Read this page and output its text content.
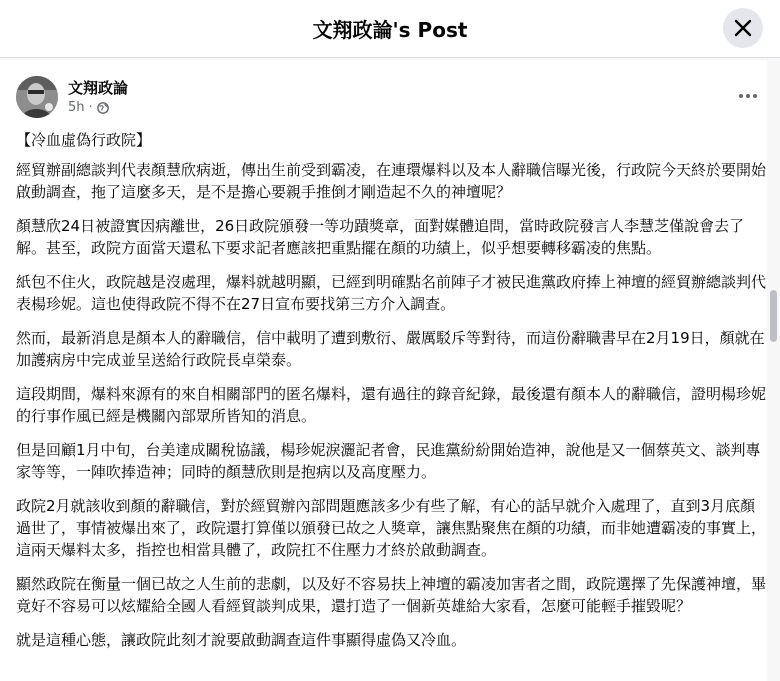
文翔政論's Post
文翔政論
5h ·

【冷血虛偽行政院】

經貿辦副總談判代表顏慧欣病逝，傳出生前受到霸凌，在連環爆料以及本人辭職信曝光後，行政院今天終於要開始啟動調查，拖了這麼多天，是不是擔心要親手推倒才剛造起不久的神壇呢？

顏慧欣24日被證實因病離世，26日政院頒發一等功蹟獎章，面對媒體追問，當時政院發言人李慧芝僅說會去了解。甚至，政院方面當天還私下要求記者應該把重點擺在顏的功績上，似乎想要轉移霸凌的焦點。

紙包不住火，政院越是沒處理，爆料就越明顯，已經到明確點名前陣子才被民進黨政府捧上神壇的經貿辦總談判代表楊珍妮。這也使得政院不得不在27日宣布要找第三方介入調查。

然而，最新消息是顏本人的辭職信，信中載明了遭到敷衍、嚴厲駁斥等對待，而這份辭職書早在2月19日，顏就在加護病房中完成並呈送給行政院長卓榮泰。

這段期間，爆料來源有的來自相關部門的匿名爆料，還有過往的錄音紀錄，最後還有顏本人的辭職信，證明楊珍妮的行事作風已經是機關內部眾所皆知的消息。

但是回顧1月中旬，台美達成關稅協議，楊珍妮淚灑記者會，民進黨紛紛開始造神，說他是又一個蔡英文、談判專家等等，一陣吹捧造神；同時的顏慧欣則是抱病以及高度壓力。

政院2月就該收到顏的辭職信，對於經貿辦內部問題應該多少有些了解，有心的話早就介入處理了，直到3月底顏過世了，事情被爆出來了，政院還打算僅以頒發已故之人獎章，讓焦點聚焦在顏的功績，而非她遭霸凌的事實上，這兩天爆料太多，指控也相當具體了，政院扛不住壓力才終於啟動調查。

顯然政院在衡量一個已故之人生前的悲劇，以及好不容易扶上神壇的霸凌加害者之間，政院選擇了先保護神壇，畢竟好不容易可以炫耀給全國人看經貿談判成果，還打造了一個新英雄給大家看，怎麼可能輕手摧毀呢？

就是這種心態，讓政院此刻才說要啟動調查這件事顯得虛偽又冷血。
